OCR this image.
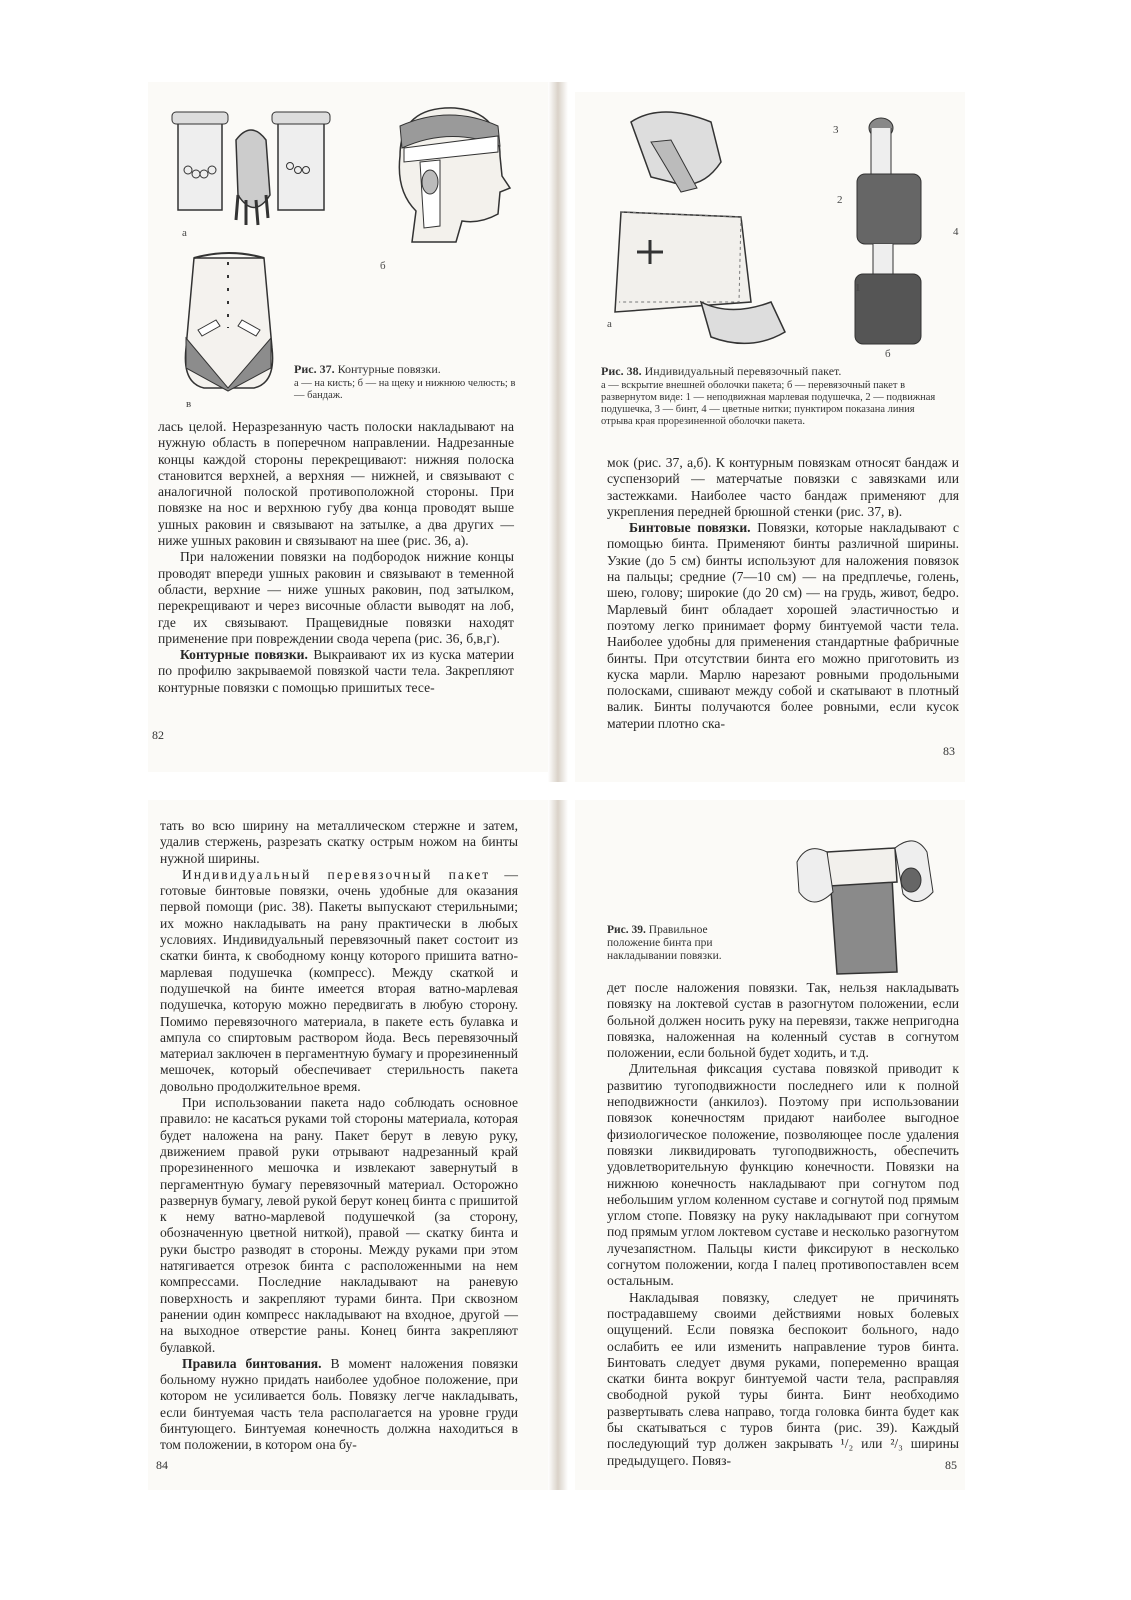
а
б
в
Рис. 37. Контурные повязки.
а — на кисть; б — на щеку и нижнюю челюсть; в — бандаж.

лась целой. Неразрезанную часть полоски накладывают на нужную область в поперечном направлении. Надрезанные концы каждой стороны перекрещивают: нижняя полоска становится верхней, а верхняя — нижней, и связывают с аналогичной полоской противоположной стороны. При повязке на нос и верхнюю губу два конца проводят выше ушных раковин и связывают на затылке, а два других — ниже ушных раковин и связывают на шее (рис. 36, а).

При наложении повязки на подбородок нижние концы проводят впереди ушных раковин и связывают в теменной области, верхние — ниже ушных раковин, под затылком, перекрещивают и через височные области выводят на лоб, где их связывают. Пращевидные повязки находят применение при повреждении свода черепа (рис. 36, б,в,г).

Контурные повязки. Выкраивают их из куска материи по профилю закрываемой повязкой части тела. Закрепляют контурные повязки с помощью пришитых тесе-

82
а
3
2
4
1
б
Рис. 38. Индивидуальный перевязочный пакет.
а — вскрытие внешней оболочки пакета; б — перевязочный пакет в развернутом виде: 1 — неподвижная марлевая подушечка, 2 — подвижная подушечка, 3 — бинт, 4 — цветные нитки; пунктиром показана линия отрыва края прорезиненной оболочки пакета.

мок (рис. 37, а,б). К контурным повязкам относят бандаж и суспензорий — матерчатые повязки с завязками или застежками. Наиболее часто бандаж применяют для укрепления передней брюшной стенки (рис. 37, в).

Бинтовые повязки. Повязки, которые накладывают с помощью бинта. Применяют бинты различной ширины. Узкие (до 5 см) бинты используют для наложения повязок на пальцы; средние (7—10 см) — на предплечье, голень, шею, голову; широкие (до 20 см) — на грудь, живот, бедро. Марлевый бинт обладает хорошей эластичностью и поэтому легко принимает форму бинтуемой части тела. Наиболее удобны для применения стандартные фабричные бинты. При отсутствии бинта его можно приготовить из куска марли. Марлю нарезают ровными продольными полосками, сшивают между собой и скатывают в плотный валик. Бинты получаются более ровными, если кусок материи плотно ска-

83

тать во всю ширину на металлическом стержне и затем, удалив стержень, разрезать скатку острым ножом на бинты нужной ширины.

Индивидуальный перевязочный пакет — готовые бинтовые повязки, очень удобные для оказания первой помощи (рис. 38). Пакеты выпускают стерильными; их можно накладывать на рану практически в любых условиях. Индивидуальный перевязочный пакет состоит из скатки бинта, к свободному концу которого пришита ватно-марлевая подушечка (компресс). Между скаткой и подушечкой на бинте имеется вторая ватно-марлевая подушечка, которую можно передвигать в любую сторону. Помимо перевязочного материала, в пакете есть булавка и ампула со спиртовым раствором йода. Весь перевязочный материал заключен в пергаментную бумагу и прорезиненный мешочек, который обеспечивает стерильность пакета довольно продолжительное время.

При использовании пакета надо соблюдать основное правило: не касаться руками той стороны материала, которая будет наложена на рану. Пакет берут в левую руку, движением правой руки отрывают надрезанный край прорезиненного мешочка и извлекают завернутый в пергаментную бумагу перевязочный материал. Осторожно развернув бумагу, левой рукой берут конец бинта с пришитой к нему ватно-марлевой подушечкой (за сторону, обозначенную цветной ниткой), правой — скатку бинта и руки быстро разводят в стороны. Между руками при этом натягивается отрезок бинта с расположенными на нем компрессами. Последние накладывают на раневую поверхность и закрепляют турами бинта. При сквозном ранении один компресс накладывают на входное, другой — на выходное отверстие раны. Конец бинта закрепляют булавкой.

Правила бинтования. В момент наложения повязки больному нужно придать наиболее удобное положение, при котором не усиливается боль. Повязку легче накладывать, если бинтуемая часть тела располагается на уровне груди бинтующего. Бинтуемая конечность должна находиться в том положении, в котором она бу-

84
Рис. 39. Правильное положение бинта при накладывании повязки.

дет после наложения повязки. Так, нельзя накладывать повязку на локтевой сустав в разогнутом положении, если больной должен носить руку на перевязи, также непригодна повязка, наложенная на коленный сустав в согнутом положении, если больной будет ходить, и т.д.

Длительная фиксация сустава повязкой приводит к развитию тугоподвижности последнего или к полной неподвижности (анкилоз). Поэтому при использовании повязок конечностям придают наиболее выгодное физиологическое положение, позволяющее после удаления повязки ликвидировать тугоподвижность, обеспечить удовлетворительную функцию конечности. Повязки на нижнюю конечность накладывают при согнутом под небольшим углом коленном суставе и согнутой под прямым углом стопе. Повязку на руку накладывают при согнутом под прямым углом локтевом суставе и несколько разогнутом лучезапястном. Пальцы кисти фиксируют в несколько согнутом положении, когда I палец противопоставлен всем остальным.

Накладывая повязку, следует не причинять пострадавшему своими действиями новых болевых ощущений. Если повязка беспокоит больного, надо ослабить ее или изменить направление туров бинта. Бинтовать следует двумя руками, попеременно вращая скатки бинта вокруг бинтуемой части тела, расправляя свободной рукой туры бинта. Бинт необходимо развертывать слева направо, тогда головка бинта будет как бы скатываться с туров бинта (рис. 39). Каждый последующий тур должен закрывать ¹/₂ или ²/₃ ширины предыдущего. Повяз-	85
